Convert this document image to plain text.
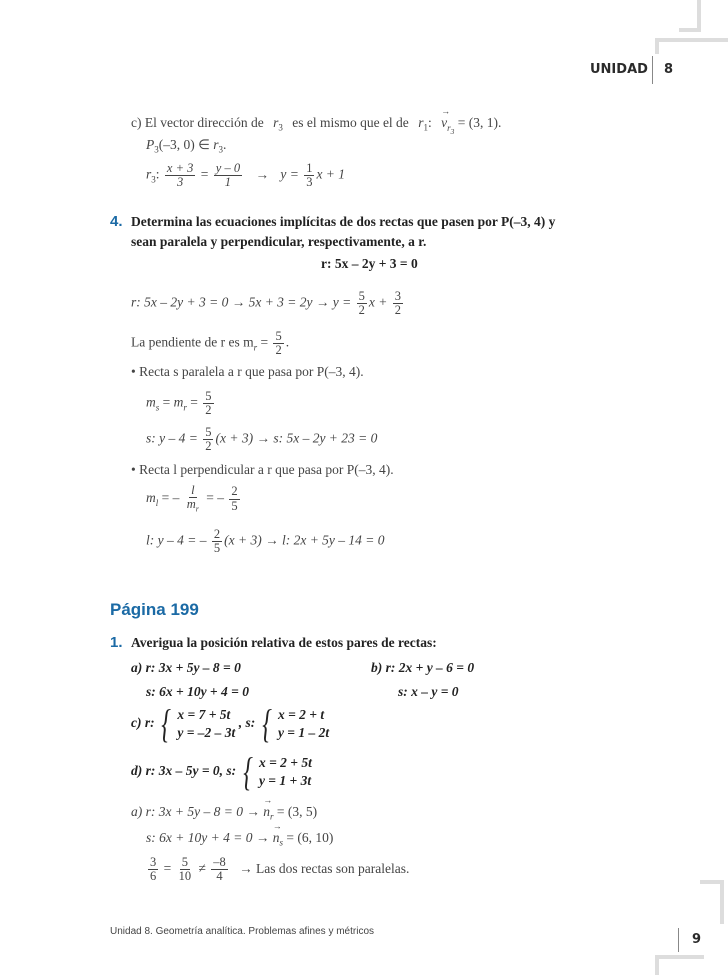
UNIDAD 8
c) El vector dirección de $r_3$ es el mismo que el de $r_1$: → $v_{r_3} = (3$, 1).
$P_3(-3$, 0) ∈ $r_3$.
$r_3$: $\frac{x + 3}{3} = \frac{y - 0}{1} \to y = \frac{1}{3}$ x + 1
4. Determina las ecuaciones implícitas de dos rectas que pasen por P(–3, 4) y
sean paralela y perpendicular, respectivamente, a r.
r: 5x – 2y + 3 = 0
r: $5x - 2y + 3 = 0 \to 5x + 3 = 2y \to y = \frac{5}{2}$ $x + \frac{3}{2}$
La pendiente de r es $m_r = \frac{5}{2}$ .
• Recta s paralela a r que pasa por P(–3, 4).
$m_s = m_r = \frac{5}{2}$
s: $y - 4 = \frac{5}{2} (x + 3) \to s$: 5x – 2y + 23 = 0
• Recta l perpendicular a r que pasa por P(–3, 4).
$m_l$ = – $\frac{l}{m_r}$ = – $\frac{2}{5}$
l: y – 4 = – $\frac{2}{5} (x + 3) \to l$: 2x + 5y – 14 = 0
Página 199
1. Averigua la posición relativa de estos pares de rectas:
a) r: 3x + 5y – 8 = 0
s: 6x + 10y + 4 = 0
b) r: 2x + y – 6 = 0
s: x – y = 0
c) r: { x = 7 + 5t
y = –2 – 3t
, s: { x = 2 + t
y = 1 – 2t
d) r: 3x – 5y = 0, s: { x = 2 + 5t
y = 1 + 3t
a) r: 3x + 5y – 8 = 0 → → $n_r = (3$, 5)
s: 6x + 10y + 4 = 0 → → $n_s = (6$, 10)
$\frac{3}{6} = \frac{5}{10} \ne \frac{-8}{4}$ → Las dos rectas son paralelas.
Unidad 8. Geometría analítica. Problemas afines y métricos
9
